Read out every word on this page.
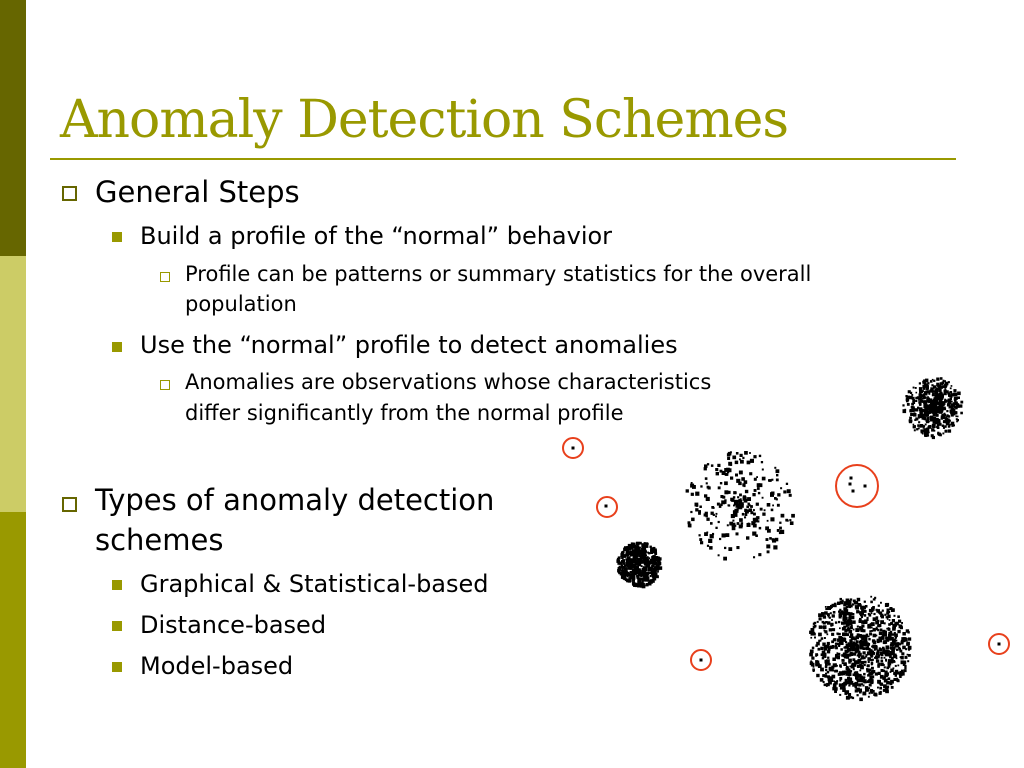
Anomaly Detection Schemes
General Steps
Build a profile of the “normal” behavior
Profile can be patterns or summary statistics for the overall
population
Use the “normal” profile to detect anomalies
Anomalies are observations whose characteristics
differ significantly from the normal profile
Types of anomaly detection
schemes
Graphical & Statistical-based
Distance-based
Model-based
